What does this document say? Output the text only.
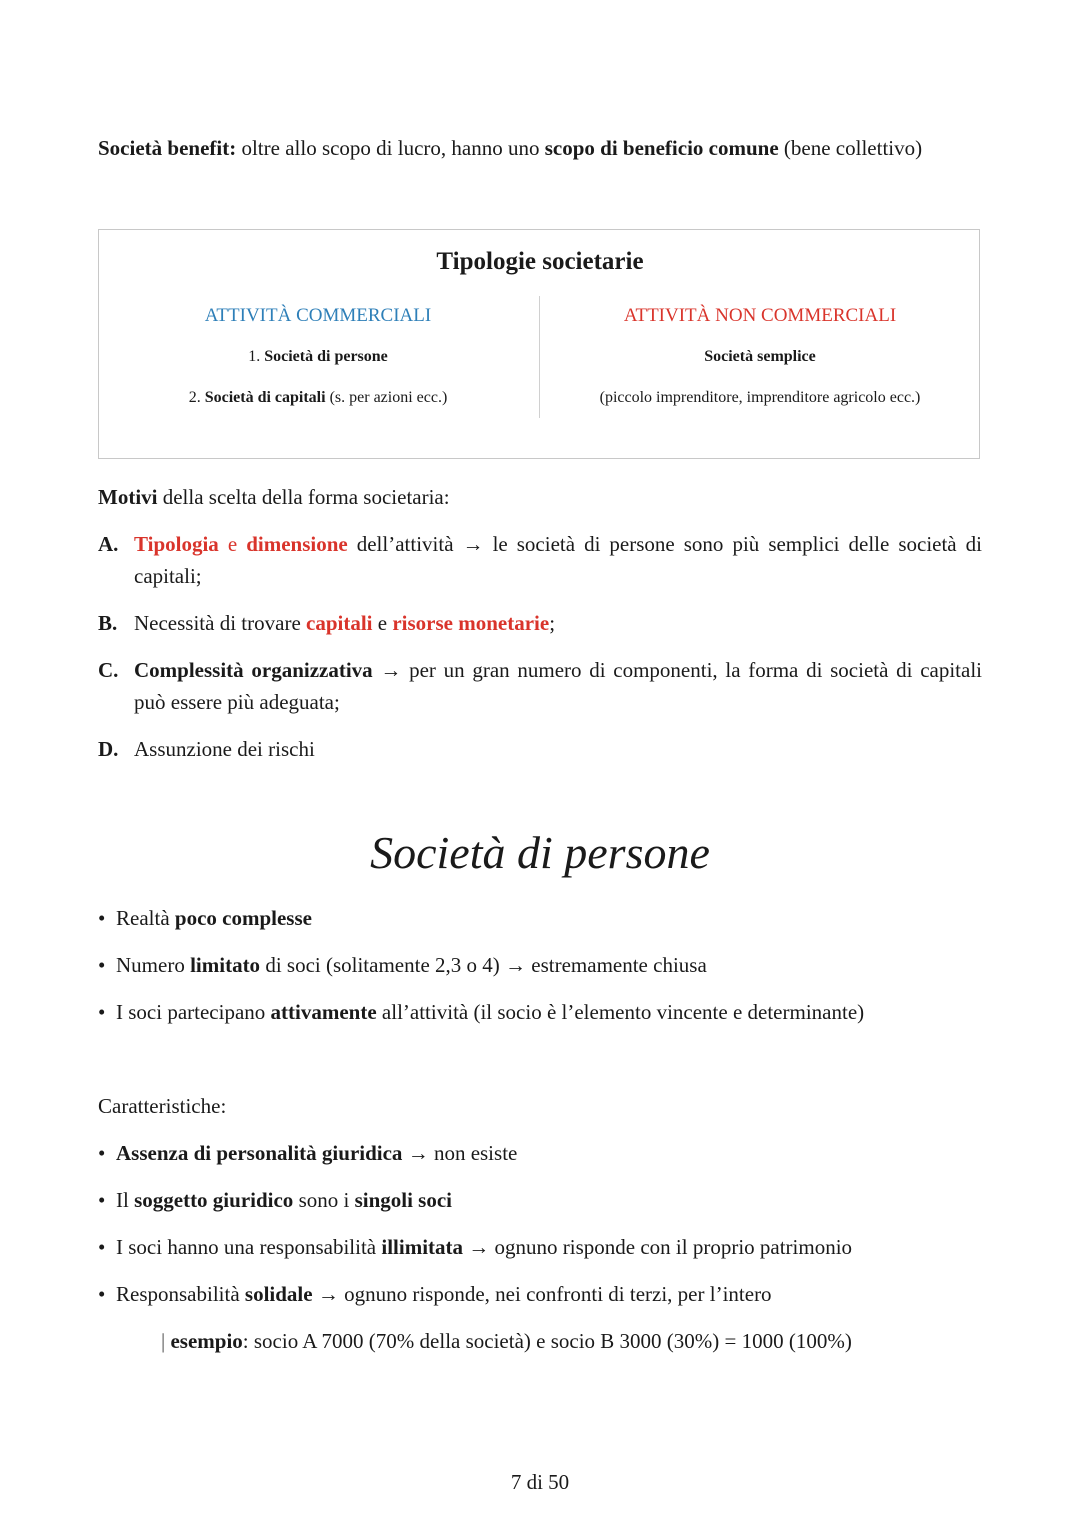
Società benefit: oltre allo scopo di lucro, hanno uno scopo di beneficio comune (bene collettivo)
Tipologie societarie
ATTIVITÀ COMMERCIALI
1. Società di persone
2. Società di capitali (s. per azioni ecc.)
ATTIVITÀ NON COMMERCIALI
Società semplice
(piccolo imprenditore, imprenditore agricolo ecc.)
Motivi della scelta della forma societaria:
A. Tipologia e dimensione dell’attività → le società di persone sono più semplici delle società di capitali;
B. Necessità di trovare capitali e risorse monetarie;
C. Complessità organizzativa → per un gran numero di componenti, la forma di società di capitali può essere più adeguata;
D. Assunzione dei rischi
Società di persone
• Realtà poco complesse
• Numero limitato di soci (solitamente 2,3 o 4) → estremamente chiusa
• I soci partecipano attivamente all’attività (il socio è l’elemento vincente e determinante)
Caratteristiche:
• Assenza di personalità giuridica → non esiste
• Il soggetto giuridico sono i singoli soci
• I soci hanno una responsabilità illimitata → ognuno risponde con il proprio patrimonio
• Responsabilità solidale → ognuno risponde, nei confronti di terzi, per l’intero
| esempio: socio A 7000 (70% della società) e socio B 3000 (30%) = 1000 (100%)
7 di 50
